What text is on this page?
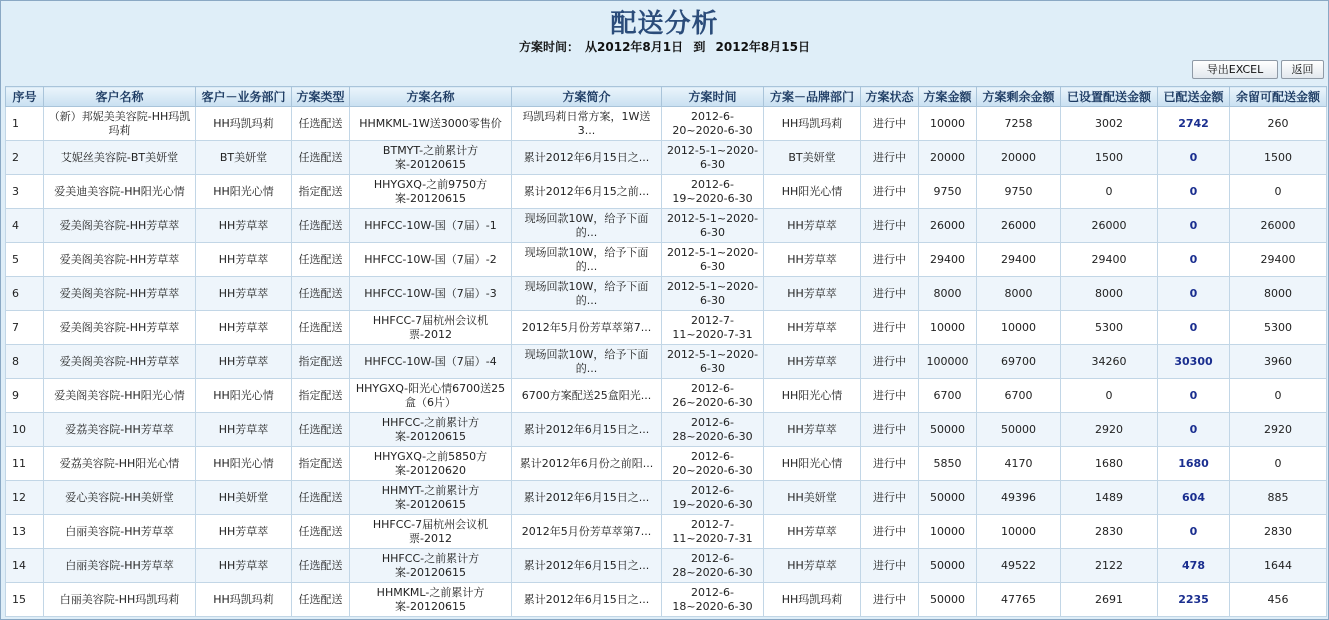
配送分析
方案时间： 从2012年8月1日 到 2012年8月15日
导出EXCEL	返回
序号	客户名称	客户－业务部门	方案类型	方案名称	方案简介	方案时间	方案－品牌部门	方案状态	方案金额	方案剩余金额	已设置配送金额	已配送金额	余留可配送金额
1	（新）邦妮美美容院-HH玛凯玛莉	HH玛凯玛莉	任选配送	HHMKML-1W送3000零售价	玛凯玛莉日常方案，1W送3...	2012-6-20~2020-6-30	HH玛凯玛莉	进行中	10000	7258	3002	2742	260
2	艾妮丝美容院-BT美妍堂	BT美妍堂	任选配送	BTMYT-之前累计方案-20120615	累计2012年6月15日之...	2012-5-1~2020-6-30	BT美妍堂	进行中	20000	20000	1500	0	1500
3	爱美迪美容院-HH阳光心情	HH阳光心情	指定配送	HHYGXQ-之前9750方案-20120615	累计2012年6月15之前...	2012-6-19~2020-6-30	HH阳光心情	进行中	9750	9750	0	0	0
4	爱美阁美容院-HH芳草萃	HH芳草萃	任选配送	HHFCC-10W-国（7届）-1	现场回款10W，给予下面的...	2012-5-1~2020-6-30	HH芳草萃	进行中	26000	26000	26000	0	26000
5	爱美阁美容院-HH芳草萃	HH芳草萃	任选配送	HHFCC-10W-国（7届）-2	现场回款10W，给予下面的...	2012-5-1~2020-6-30	HH芳草萃	进行中	29400	29400	29400	0	29400
6	爱美阁美容院-HH芳草萃	HH芳草萃	任选配送	HHFCC-10W-国（7届）-3	现场回款10W，给予下面的...	2012-5-1~2020-6-30	HH芳草萃	进行中	8000	8000	8000	0	8000
7	爱美阁美容院-HH芳草萃	HH芳草萃	任选配送	HHFCC-7届杭州会议机票-2012	2012年5月份芳草萃第7...	2012-7-11~2020-7-31	HH芳草萃	进行中	10000	10000	5300	0	5300
8	爱美阁美容院-HH芳草萃	HH芳草萃	指定配送	HHFCC-10W-国（7届）-4	现场回款10W，给予下面的...	2012-5-1~2020-6-30	HH芳草萃	进行中	100000	69700	34260	30300	3960
9	爱美阁美容院-HH阳光心情	HH阳光心情	指定配送	HHYGXQ-阳光心情6700送25盒（6片）	6700方案配送25盒阳光...	2012-6-26~2020-6-30	HH阳光心情	进行中	6700	6700	0	0	0
10	爱荔美容院-HH芳草萃	HH芳草萃	任选配送	HHFCC-之前累计方案-20120615	累计2012年6月15日之...	2012-6-28~2020-6-30	HH芳草萃	进行中	50000	50000	2920	0	2920
11	爱荔美容院-HH阳光心情	HH阳光心情	指定配送	HHYGXQ-之前5850方案-20120620	累计2012年6月份之前阳...	2012-6-20~2020-6-30	HH阳光心情	进行中	5850	4170	1680	1680	0
12	爱心美容院-HH美妍堂	HH美妍堂	任选配送	HHMYT-之前累计方案-20120615	累计2012年6月15日之...	2012-6-19~2020-6-30	HH美妍堂	进行中	50000	49396	1489	604	885
13	白丽美容院-HH芳草萃	HH芳草萃	任选配送	HHFCC-7届杭州会议机票-2012	2012年5月份芳草萃第7...	2012-7-11~2020-7-31	HH芳草萃	进行中	10000	10000	2830	0	2830
14	白丽美容院-HH芳草萃	HH芳草萃	任选配送	HHFCC-之前累计方案-20120615	累计2012年6月15日之...	2012-6-28~2020-6-30	HH芳草萃	进行中	50000	49522	2122	478	1644
15	白丽美容院-HH玛凯玛莉	HH玛凯玛莉	任选配送	HHMKML-之前累计方案-20120615	累计2012年6月15日之...	2012-6-18~2020-6-30	HH玛凯玛莉	进行中	50000	47765	2691	2235	456
